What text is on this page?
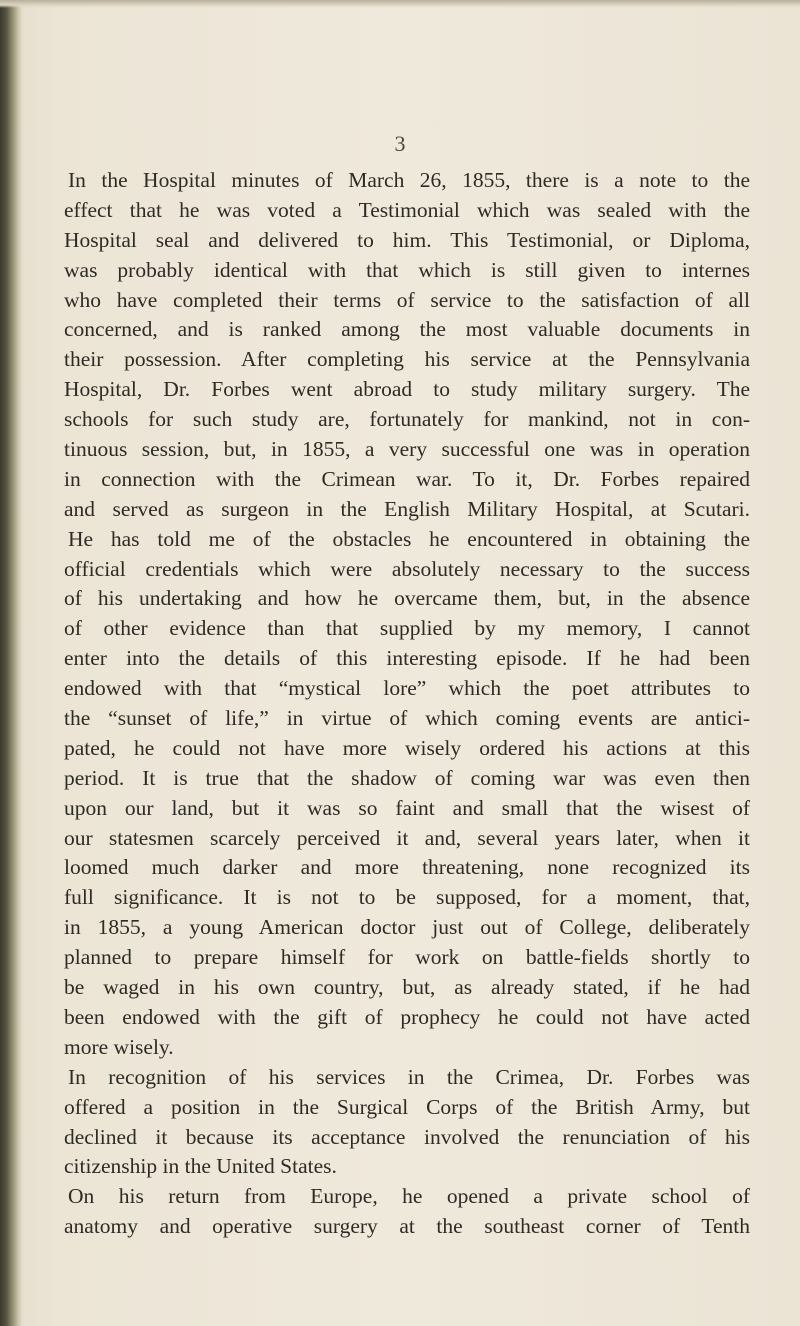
3
In the Hospital minutes of March 26, 1855, there is a note to the
effect that he was voted a Testimonial which was sealed with the
Hospital seal and delivered to him. This Testimonial, or Diploma,
was probably identical with that which is still given to internes
who have completed their terms of service to the satisfaction of all
concerned, and is ranked among the most valuable documents in
their possession. After completing his service at the Pennsylvania
Hospital, Dr. Forbes went abroad to study military surgery. The
schools for such study are, fortunately for mankind, not in con-
tinuous session, but, in 1855, a very successful one was in operation
in connection with the Crimean war. To it, Dr. Forbes repaired
and served as surgeon in the English Military Hospital, at Scutari.
He has told me of the obstacles he encountered in obtaining the
official credentials which were absolutely necessary to the success
of his undertaking and how he overcame them, but, in the absence
of other evidence than that supplied by my memory, I cannot
enter into the details of this interesting episode. If he had been
endowed with that “mystical lore” which the poet attributes to
the “sunset of life,” in virtue of which coming events are antici-
pated, he could not have more wisely ordered his actions at this
period. It is true that the shadow of coming war was even then
upon our land, but it was so faint and small that the wisest of
our statesmen scarcely perceived it and, several years later, when it
loomed much darker and more threatening, none recognized its
full significance. It is not to be supposed, for a moment, that,
in 1855, a young American doctor just out of College, deliberately
planned to prepare himself for work on battle-fields shortly to
be waged in his own country, but, as already stated, if he had
been endowed with the gift of prophecy he could not have acted
more wisely.
In recognition of his services in the Crimea, Dr. Forbes was
offered a position in the Surgical Corps of the British Army, but
declined it because its acceptance involved the renunciation of his
citizenship in the United States.
On his return from Europe, he opened a private school of
anatomy and operative surgery at the southeast corner of Tenth
